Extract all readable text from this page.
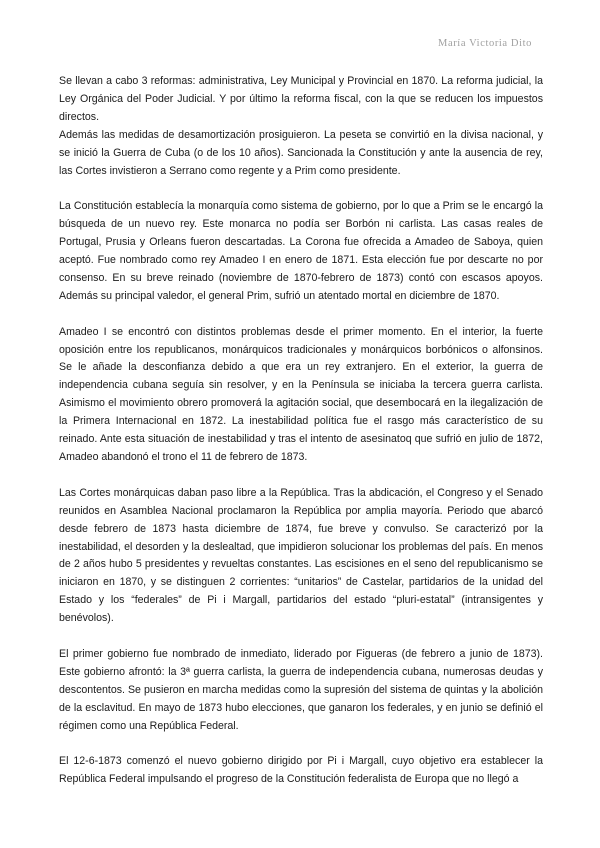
María Victoria Dito

Se llevan a cabo 3 reformas: administrativa, Ley Municipal y Provincial en 1870. La reforma judicial, la Ley Orgánica del Poder Judicial. Y por último la reforma fiscal, con la que se reducen los impuestos directos.

Además las medidas de desamortización prosiguieron. La peseta se convirtió en la divisa nacional, y se inició la Guerra de Cuba (o de los 10 años). Sancionada la Constitución y ante la ausencia de rey, las Cortes invistieron a Serrano como regente y a Prim como presidente.

La Constitución establecía la monarquía como sistema de gobierno, por lo que a Prim se le encargó la búsqueda de un nuevo rey. Este monarca no podía ser Borbón ni carlista. Las casas reales de Portugal, Prusia y Orleans fueron descartadas. La Corona fue ofrecida a Amadeo de Saboya, quien aceptó. Fue nombrado como rey Amadeo I en enero de 1871. Esta elección fue por descarte no por consenso. En su breve reinado (noviembre de 1870-febrero de 1873) contó con escasos apoyos. Además su principal valedor, el general Prim, sufrió un atentado mortal en diciembre de 1870.

Amadeo I se encontró con distintos problemas desde el primer momento. En el interior, la fuerte oposición entre los republicanos, monárquicos tradicionales y monárquicos borbónicos o alfonsinos. Se le añade la desconfianza debido a que era un rey extranjero. En el exterior, la guerra de independencia cubana seguía sin resolver, y en la Península se iniciaba la tercera guerra carlista. Asimismo el movimiento obrero promoverá la agitación social, que desembocará en la ilegalización de la Primera Internacional en 1872. La inestabilidad política fue el rasgo más característico de su reinado. Ante esta situación de inestabilidad y tras el intento de asesinatoq que sufrió en julio de 1872, Amadeo abandonó el trono el 11 de febrero de 1873.

Las Cortes monárquicas daban paso libre a la República. Tras la abdicación, el Congreso y el Senado reunidos en Asamblea Nacional proclamaron la República por amplia mayoría. Periodo que abarcó desde febrero de 1873 hasta diciembre de 1874, fue breve y convulso. Se caracterizó por la inestabilidad, el desorden y la deslealtad, que impidieron solucionar los problemas del país. En menos de 2 años hubo 5 presidentes y revueltas constantes. Las escisiones en el seno del republicanismo se iniciaron en 1870, y se distinguen 2 corrientes: “unitarios” de Castelar, partidarios de la unidad del Estado y los “federales” de Pi i Margall, partidarios del estado “pluri-estatal” (intransigentes y benévolos).

El primer gobierno fue nombrado de inmediato, liderado por Figueras (de febrero a junio de 1873). Este gobierno afrontó: la 3ª guerra carlista, la guerra de independencia cubana, numerosas deudas y descontentos. Se pusieron en marcha medidas como la supresión del sistema de quintas y la abolición de la esclavitud. En mayo de 1873 hubo elecciones, que ganaron los federales, y en junio se definió el régimen como una República Federal.

El 12-6-1873 comenzó el nuevo gobierno dirigido por Pi i Margall, cuyo objetivo era establecer la República Federal impulsando el progreso de la Constitución federalista de Europa que no llegó a
